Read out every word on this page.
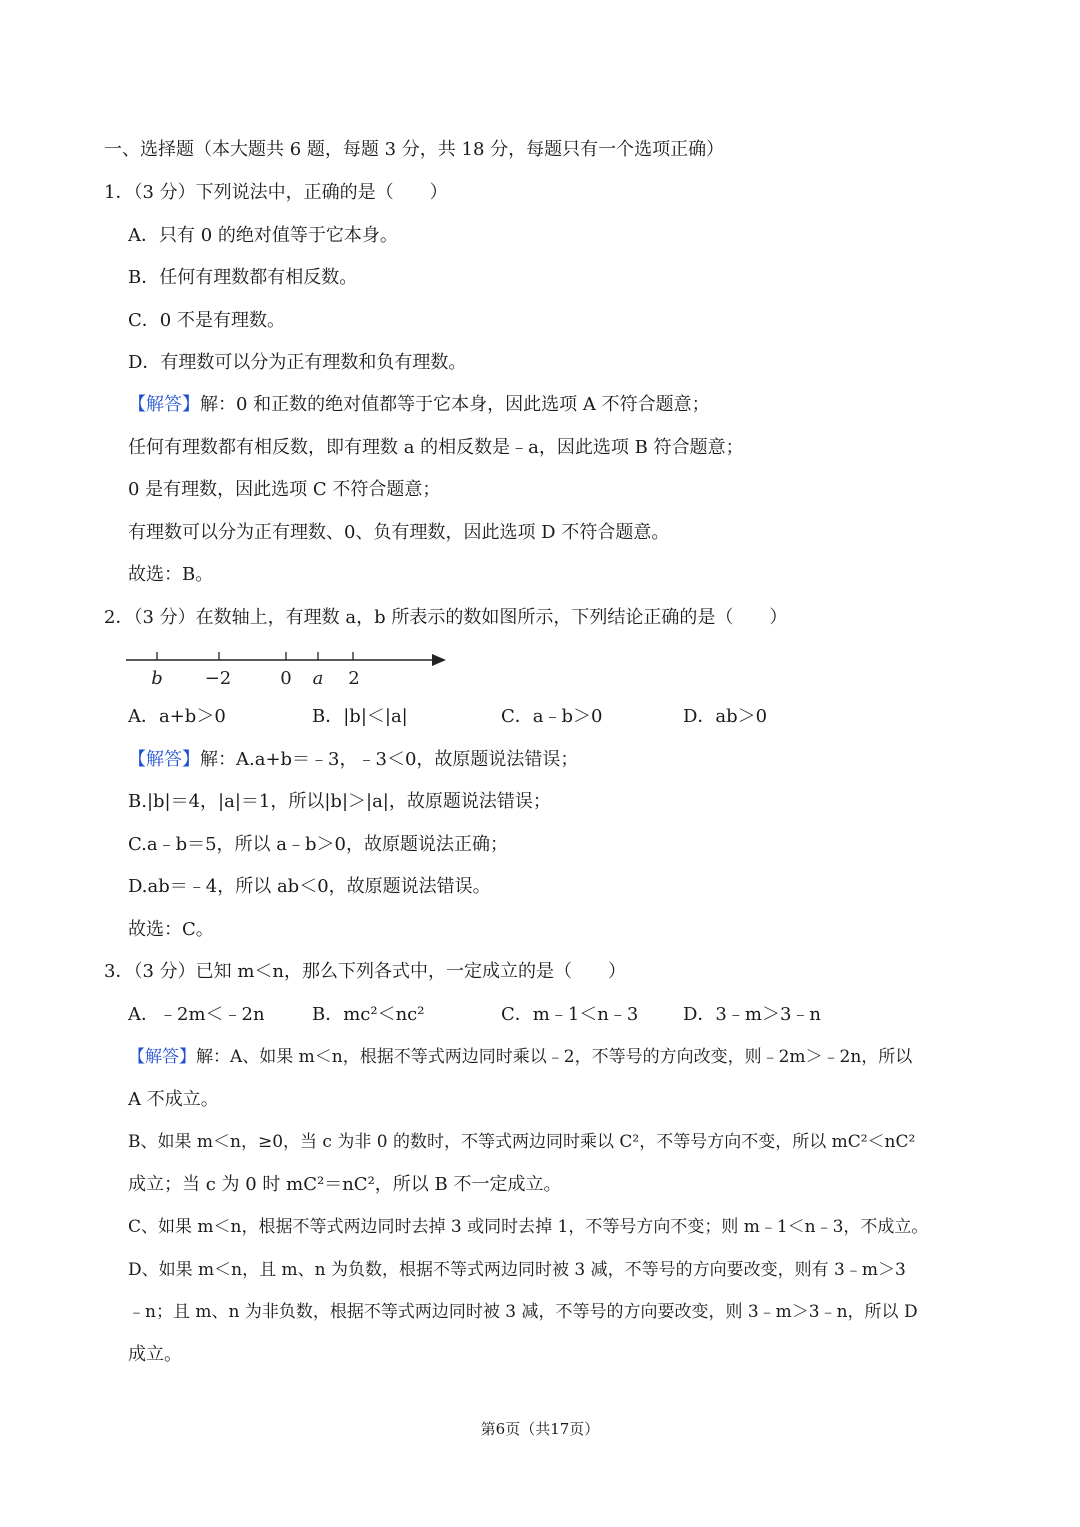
一、选择题（本大题共 6 题，每题 3 分，共 18 分，每题只有一个选项正确）
1．（3 分）下列说法中，正确的是（　　）
A．只有 0 的绝对值等于它本身。
B．任何有理数都有相反数。
C．0 不是有理数。
D．有理数可以分为正有理数和负有理数。
【解答】解：0 和正数的绝对值都等于它本身，因此选项 A 不符合题意；
任何有理数都有相反数，即有理数 a 的相反数是﹣a，因此选项 B 符合题意；
0 是有理数，因此选项 C 不符合题意；
有理数可以分为正有理数、0、负有理数，因此选项 D 不符合题意。
故选：B。
2．（3 分）在数轴上，有理数 a，b 所表示的数如图所示，下列结论正确的是（　　）
b −2	0 a 2
A．a+b＞0	B．|b|＜|a|	C．a﹣b＞0	D．ab＞0
【解答】解：A.a+b＝﹣3，﹣3＜0，故原题说法错误；
B.|b|＝4，|a|＝1，所以|b|＞|a|，故原题说法错误；
C.a﹣b＝5，所以 a﹣b＞0，故原题说法正确；
D.ab＝﹣4，所以 ab＜0，故原题说法错误。
故选：C。
3．（3 分）已知 m＜n，那么下列各式中，一定成立的是（　　）
A．﹣2m＜﹣2n	B．mc²＜nc²	C．m﹣1＜n﹣3 D．3﹣m＞3﹣n
【解答】解：A、如果 m＜n，根据不等式两边同时乘以﹣2，不等号的方向改变，则﹣2m＞﹣2n，所以
A 不成立。
B、如果 m＜n，≥0，当 c 为非 0 的数时，不等式两边同时乘以 C²，不等号方向不变，所以 mC²＜nC²
成立；当 c 为 0 时 mC²＝nC²，所以 B 不一定成立。
C、如果 m＜n，根据不等式两边同时去掉 3 或同时去掉 1，不等号方向不变；则 m﹣1＜n﹣3，不成立。
D、如果 m＜n，且 m、n 为负数，根据不等式两边同时被 3 减，不等号的方向要改变，则有 3﹣m＞3
﹣n；且 m、n 为非负数，根据不等式两边同时被 3 减，不等号的方向要改变，则 3﹣m＞3﹣n，所以 D
成立。
第6页（共17页）
